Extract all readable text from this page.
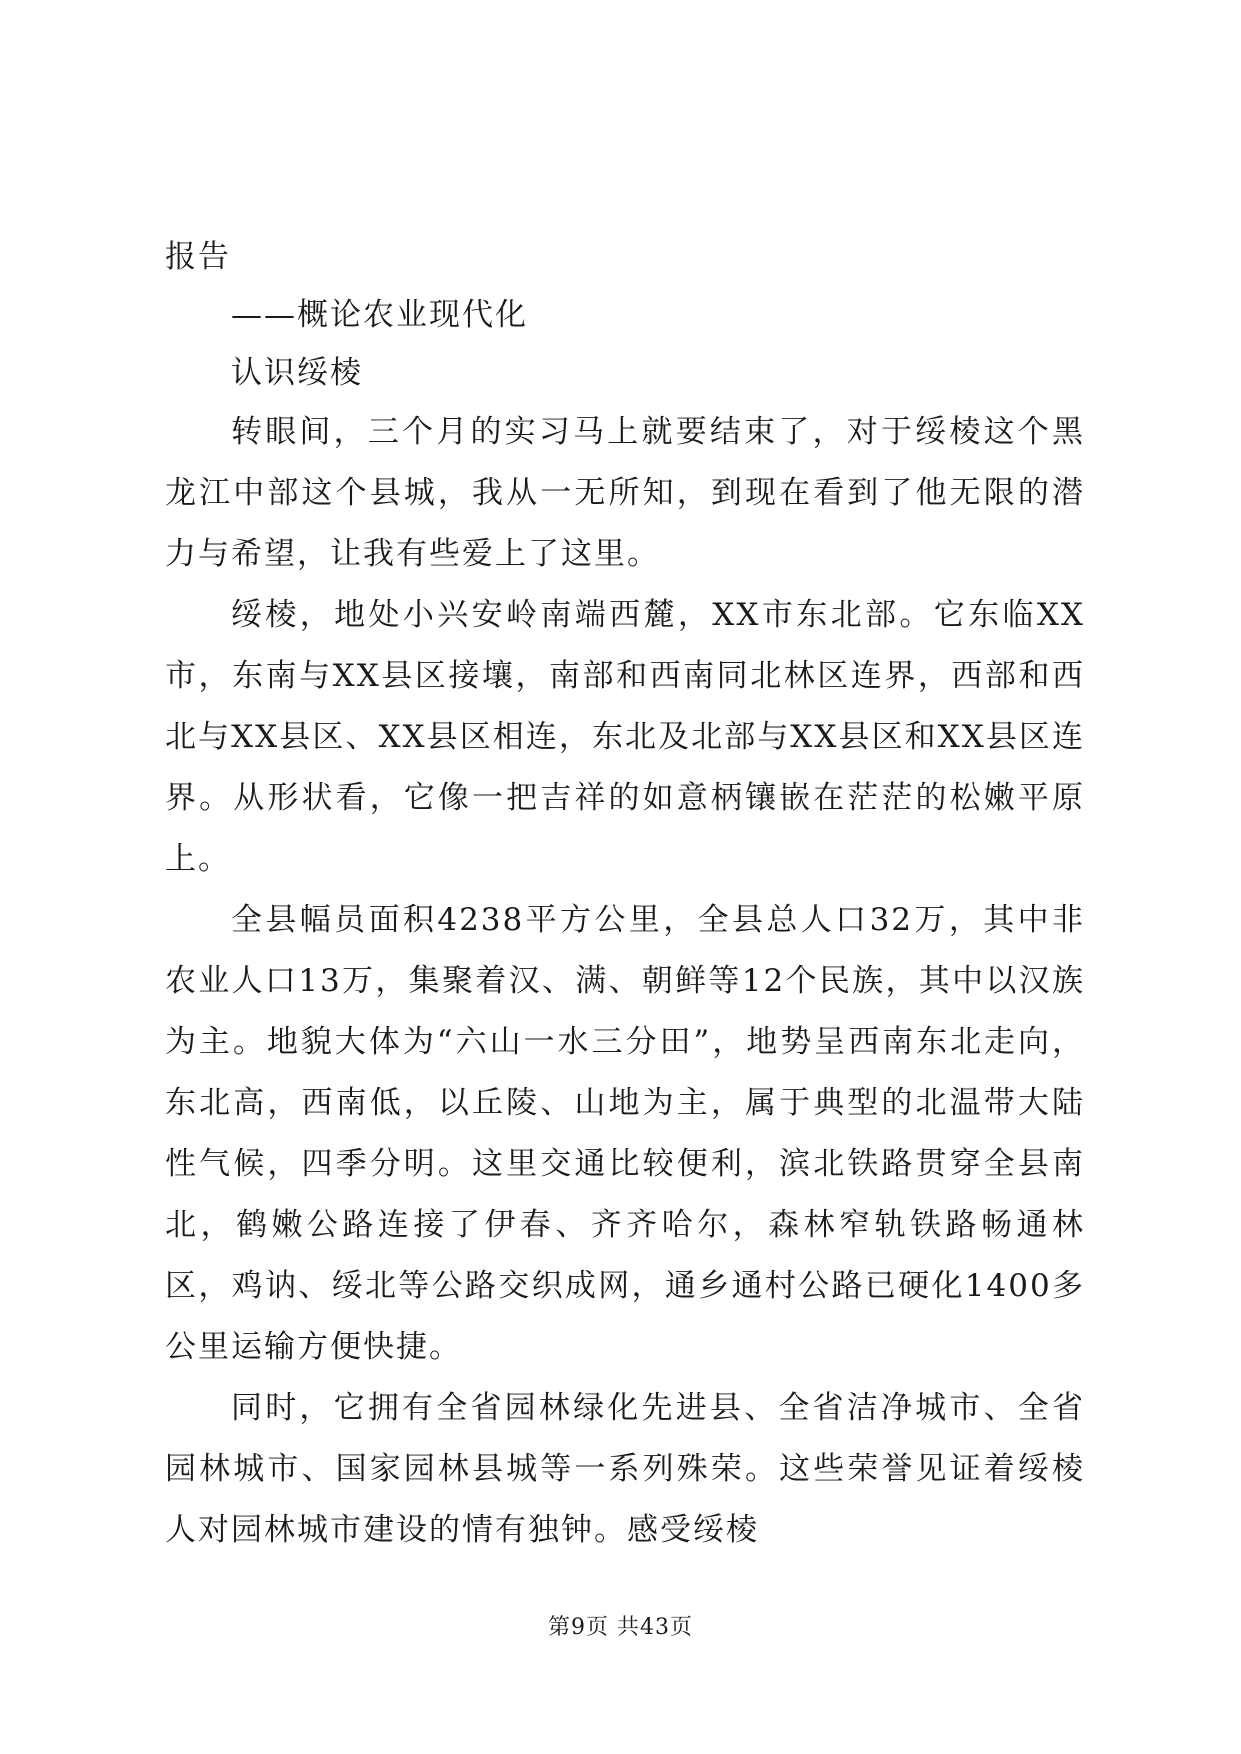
报告

——概论农业现代化

认识绥棱

转眼间，三个月的实习马上就要结束了，对于绥棱这个黑龙江中部这个县城，我从一无所知，到现在看到了他无限的潜力与希望，让我有些爱上了这里。

绥棱，地处小兴安岭南端西麓，XX市东北部。它东临XX市，东南与XX县区接壤，南部和西南同北林区连界，西部和西北与XX县区、XX县区相连，东北及北部与XX县区和XX县区连界。从形状看，它像一把吉祥的如意柄镶嵌在茫茫的松嫩平原上。

全县幅员面积4238平方公里，全县总人口32万，其中非农业人口13万，集聚着汉、满、朝鲜等12个民族，其中以汉族为主。地貌大体为“六山一水三分田”，地势呈西南东北走向，东北高，西南低，以丘陵、山地为主，属于典型的北温带大陆性气候，四季分明。这里交通比较便利，滨北铁路贯穿全县南北，鹤嫩公路连接了伊春、齐齐哈尔，森林窄轨铁路畅通林区，鸡讷、绥北等公路交织成网，通乡通村公路已硬化1400多公里运输方便快捷。

同时，它拥有全省园林绿化先进县、全省洁净城市、全省园林城市、国家园林县城等一系列殊荣。这些荣誉见证着绥棱人对园林城市建设的情有独钟。感受绥棱

第9页 共43页
